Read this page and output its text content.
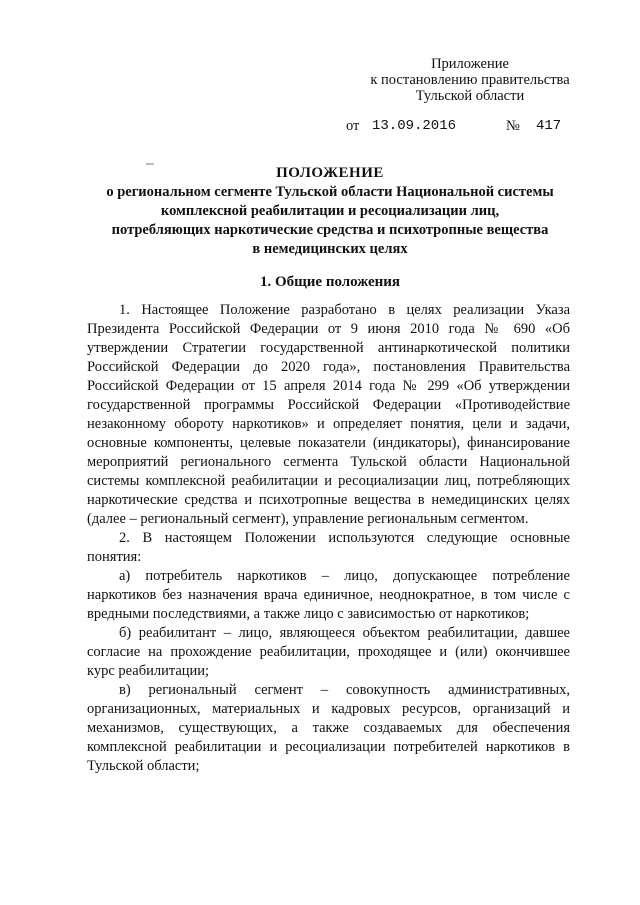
Приложение
к постановлению правительства
Тульской области
от 13.09.2016	№ 417
ПОЛОЖЕНИЕ
о региональном сегменте Тульской области Национальной системы
комплексной реабилитации и ресоциализации лиц,
потребляющих наркотические средства и психотропные вещества
в немедицинских целях
1. Общие положения

1. Настоящее Положение разработано в целях реализации Указа Президента Российской Федерации от 9 июня 2010 года № 690 «Об утверждении Стратегии государственной антинаркотической политики Российской Федерации до 2020 года», постановления Правительства Российской Федерации от 15 апреля 2014 года № 299 «Об утверждении государственной программы Российской Федерации «Противодействие незаконному обороту наркотиков» и определяет понятия, цели и задачи, основные компоненты, целевые показатели (индикаторы), финансирование мероприятий регионального сегмента Тульской области Национальной системы комплексной реабилитации и ресоциализации лиц, потребляющих наркотические средства и психотропные вещества в немедицинских целях (далее – региональный сегмент), управление региональным сегментом.

2. В настоящем Положении используются следующие основные понятия:

а) потребитель наркотиков – лицо, допускающее потребление наркотиков без назначения врача единичное, неоднократное, в том числе с вредными последствиями, а также лицо с зависимостью от наркотиков;

б) реабилитант – лицо, являющееся объектом реабилитации, давшее согласие на прохождение реабилитации, проходящее и (или) окончившее курс реабилитации;

в) региональный сегмент – совокупность административных, организационных, материальных и кадровых ресурсов, организаций и механизмов, существующих, а также создаваемых для обеспечения комплексной реабилитации и ресоциализации потребителей наркотиков в Тульской области;
